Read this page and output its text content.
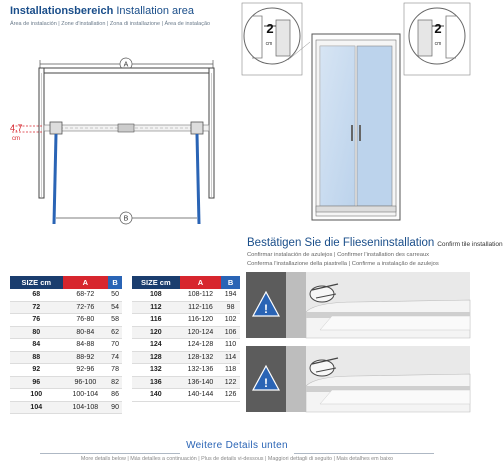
Installationsbereich Installation area
Área de instalación | Zone d'installation | Zona di installazione | Área de instalação
A
4,7
cm
B
2
cm
2
cm
Bestätigen Sie die Flieseninstallation Confirm tile installation
Confirmar instalación de azulejos | Confirmer l'installation des carreaux
Conferma l'installazione della piastrella | Confirme a instalação de azulejos
!
!
SIZE cm	A	B
68	68-72	50
72	72-76	54
76	76-80	58
80	80-84	62
84	84-88	70
88	88-92	74
92	92-96	78
96	96-100	82
100	100-104	86
104	104-108	90
SIZE cm	A	B
108	108-112	194
112	112-116	98
116	116-120	102
120	120-124	106
124	124-128	110
128	128-132	114
132	132-136	118
136	136-140	122
140	140-144	126
Weitere Details unten
More details below | Más detalles a continuación | Plus de details vi-dessous | Maggiori dettagli di seguito | Mais detalhes em baixo
